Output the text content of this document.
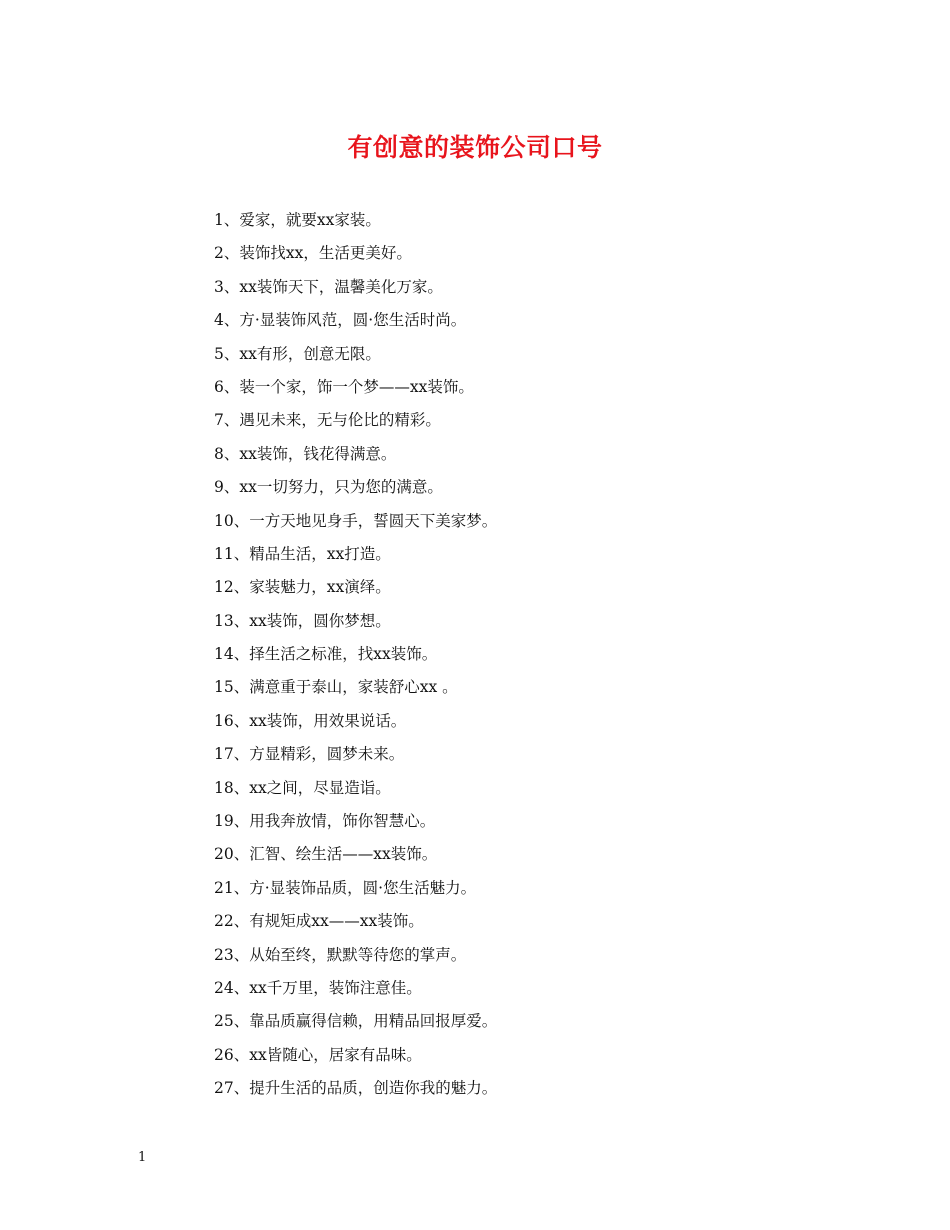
有创意的装饰公司口号
1、爱家，就要xx家装。
2、装饰找xx，生活更美好。
3、xx装饰天下，温馨美化万家。
4、方·显装饰风范，圆·您生活时尚。
5、xx有形，创意无限。
6、装一个家，饰一个梦——xx装饰。
7、遇见未来，无与伦比的精彩。
8、xx装饰，钱花得满意。
9、xx一切努力，只为您的满意。
10、一方天地见身手，誓圆天下美家梦。
11、精品生活，xx打造。
12、家装魅力，xx演绎。
13、xx装饰，圆你梦想。
14、择生活之标准，找xx装饰。
15、满意重于泰山，家装舒心xx 。
16、xx装饰，用效果说话。
17、方显精彩，圆梦未来。
18、xx之间，尽显造诣。
19、用我奔放情，饰你智慧心。
20、汇智、绘生活——xx装饰。
21、方·显装饰品质，圆·您生活魅力。
22、有规矩成xx——xx装饰。
23、从始至终，默默等待您的掌声。
24、xx千万里，装饰注意佳。
25、靠品质赢得信赖，用精品回报厚爱。
26、xx皆随心，居家有品味。
27、提升生活的品质，创造你我的魅力。
1
